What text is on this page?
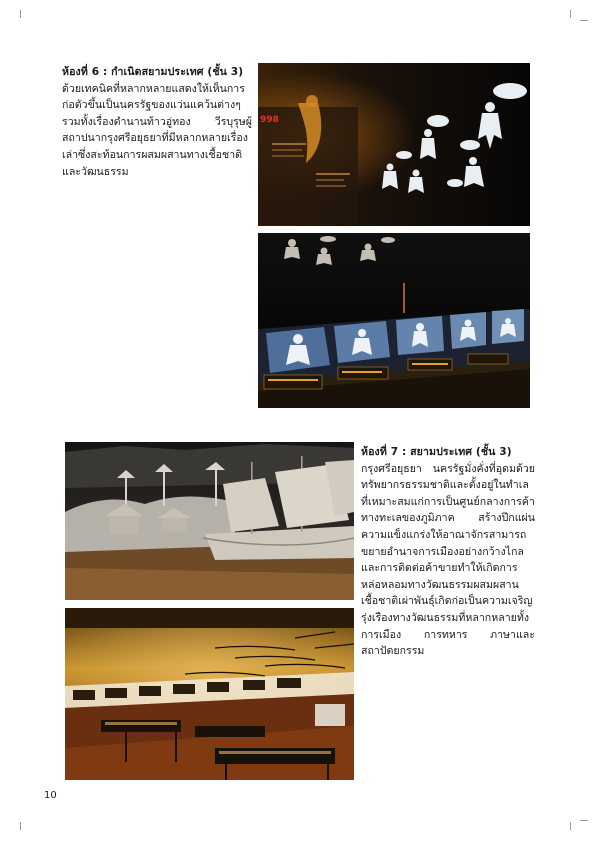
ห้องที่ 6 : กำเนิดสยามประเทศ (ชั้น 3)

ด้วยเทคนิคที่หลากหลายแสดงให้เห็นการก่อตัวขึ้นเป็นนครรัฐของแว่นแคว้นต่างๆ รวมทั้งเรื่องตำนานท้าวอู่ทอง วีรบุรุษผู้สถาปนากรุงศรีอยุธยาที่มีหลากหลายเรื่องเล่าซึ่งสะท้อนการผสมผสานทางเชื้อชาติและวัฒนธรรม

998
ห้องที่ 7 : สยามประเทศ (ชั้น 3)

กรุงศรีอยุธยา นครรัฐมั่งคั่งที่อุดมด้วยทรัพยากรธรรมชาติและตั้งอยู่ในทำเลที่เหมาะสมแก่การเป็นศูนย์กลางการค้าทางทะเลของภูมิภาค สร้างปึกแผ่นความแข็งแกร่งให้อาณาจักรสามารถขยายอำนาจการเมืองอย่างกว้างไกล และการติดต่อค้าขายทำให้เกิดการหล่อหลอมทางวัฒนธรรมผสมผสานเชื้อชาติเผ่าพันธุ์เกิดก่อเป็นความเจริญรุ่งเรืองทางวัฒนธรรมที่หลากหลายทั้งการเมือง การทหาร ภาษาและสถาปัตยกรรม

10
